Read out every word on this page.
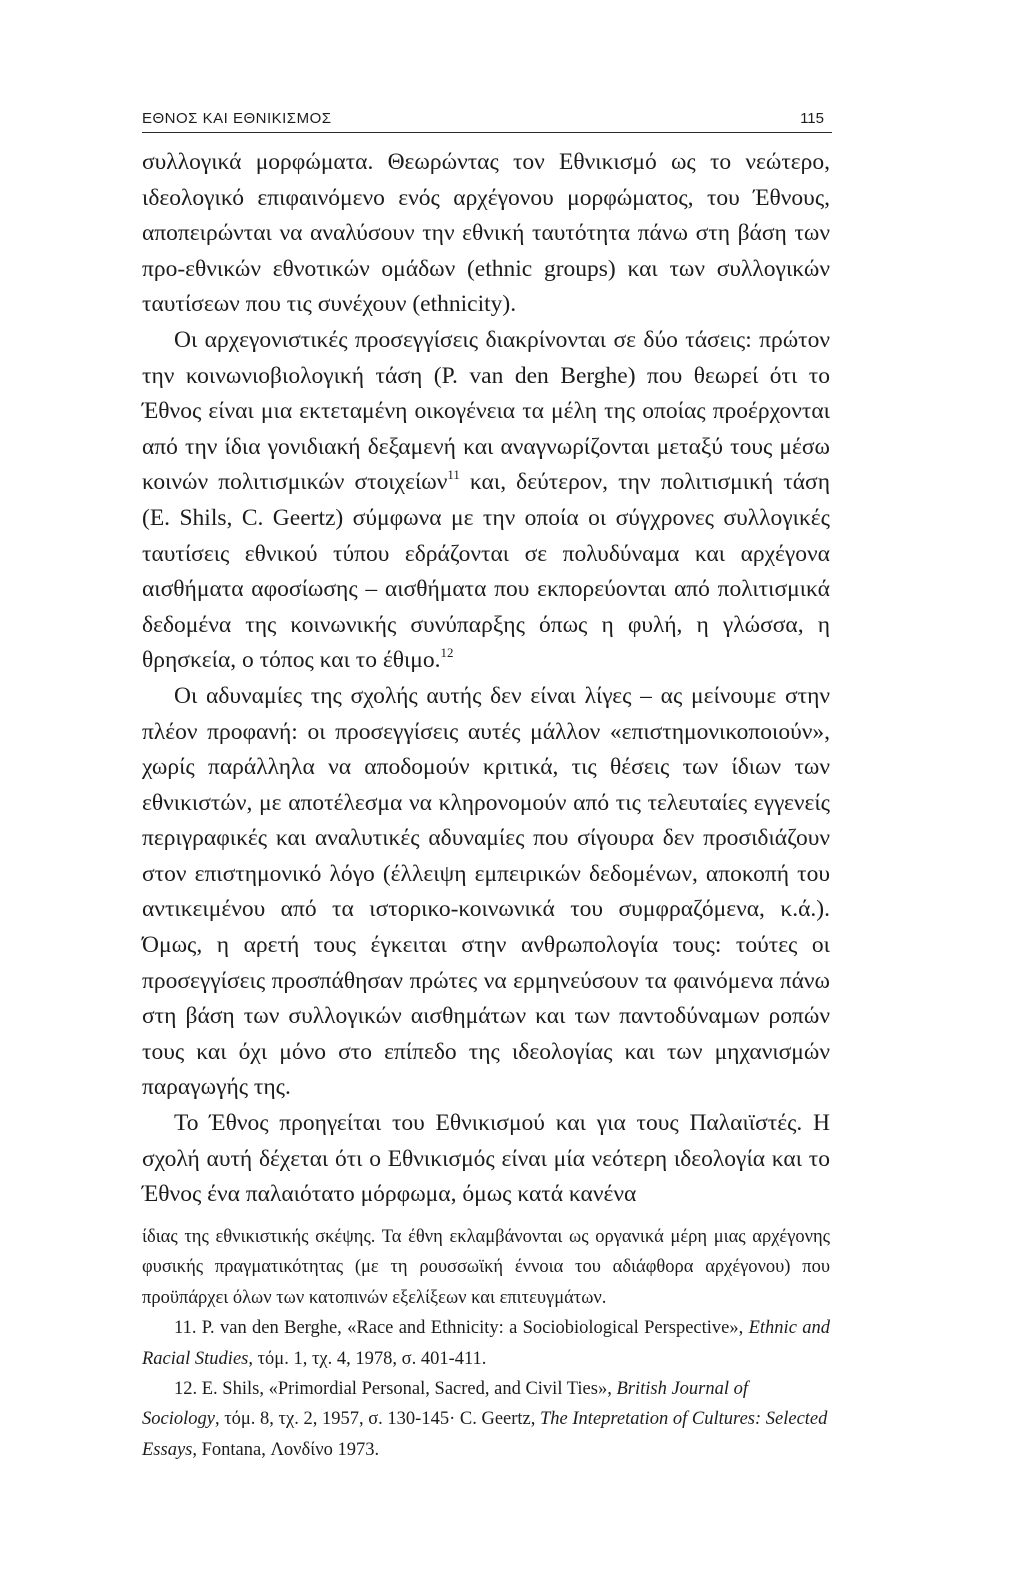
ΕΘΝΟΣ ΚΑΙ ΕΘΝΙΚΙΣΜΟΣ	115

συλλογικά μορφώματα. Θεωρώντας τον Εθνικισμό ως το νεώτερο, ιδεολογικό επιφαινόμενο ενός αρχέγονου μορφώματος, του Έθνους, αποπειρώνται να αναλύσουν την εθνική ταυτότητα πάνω στη βάση των προ-εθνικών εθνοτικών ομάδων (ethnic groups) και των συλλογικών ταυτίσεων που τις συνέχουν (ethnicity).

Οι αρχεγονιστικές προσεγγίσεις διακρίνονται σε δύο τάσεις: πρώτον την κοινωνιοβιολογική τάση (P. van den Berghe) που θεωρεί ότι το Έθνος είναι μια εκτεταμένη οικογένεια τα μέλη της οποίας προέρχονται από την ίδια γονιδιακή δεξαμενή και αναγνωρίζονται μεταξύ τους μέσω κοινών πολιτισμικών στοιχείων$^{11}$ και, δεύτερον, την πολιτισμική τάση (E. Shils, C. Geertz) σύμφωνα με την οποία οι σύγχρονες συλλογικές ταυτίσεις εθνικού τύπου εδράζονται σε πολυδύναμα και αρχέγονα αισθήματα αφοσίωσης – αισθήματα που εκπορεύονται από πολιτισμικά δεδομένα της κοινωνικής συνύπαρξης όπως η φυλή, η γλώσσα, η θρησκεία, ο τόπος και το έθιμο.$^{12}$

Οι αδυναμίες της σχολής αυτής δεν είναι λίγες – ας μείνουμε στην πλέον προφανή: οι προσεγγίσεις αυτές μάλλον «επιστημονικοποιούν», χωρίς παράλληλα να αποδομούν κριτικά, τις θέσεις των ίδιων των εθνικιστών, με αποτέλεσμα να κληρονομούν από τις τελευταίες εγγενείς περιγραφικές και αναλυτικές αδυναμίες που σίγουρα δεν προσιδιάζουν στον επιστημονικό λόγο (έλλειψη εμπειρικών δεδομένων, αποκοπή του αντικειμένου από τα ιστορικο-κοινωνικά του συμφραζόμενα, κ.ά.). Όμως, η αρετή τους έγκειται στην ανθρωπολογία τους: τούτες οι προσεγγίσεις προσπάθησαν πρώτες να ερμηνεύσουν τα φαινόμενα πάνω στη βάση των συλλογικών αισθημάτων και των παντοδύναμων ροπών τους και όχι μόνο στο επίπεδο της ιδεολογίας και των μηχανισμών παραγωγής της.

Το Έθνος προηγείται του Εθνικισμού και για τους Παλαιϊστές. Η σχολή αυτή δέχεται ότι ο Εθνικισμός είναι μία νεότερη ιδεολογία και το Έθνος ένα παλαιότατο μόρφωμα, όμως κατά κανένα

ίδιας της εθνικιστικής σκέψης. Τα έθνη εκλαμβάνονται ως οργανικά μέρη μιας αρχέγονης φυσικής πραγματικότητας (με τη ρουσσωϊκή έννοια του αδιάφθορα αρχέγονου) που προϋπάρχει όλων των κατοπινών εξελίξεων και επιτευγμάτων.

11. P. van den Berghe, «Race and Ethnicity: a Sociobiological Perspective», Ethnic and Racial Studies, τόμ. 1, τχ. 4, 1978, σ. 401-411.

12. E. Shils, «Primordial Personal, Sacred, and Civil Ties», British Journal of Sociology, τόμ. 8, τχ. 2, 1957, σ. 130-145· C. Geertz, The Intepretation of Cultures: Selected Essays, Fontana, Λονδίνο 1973.
